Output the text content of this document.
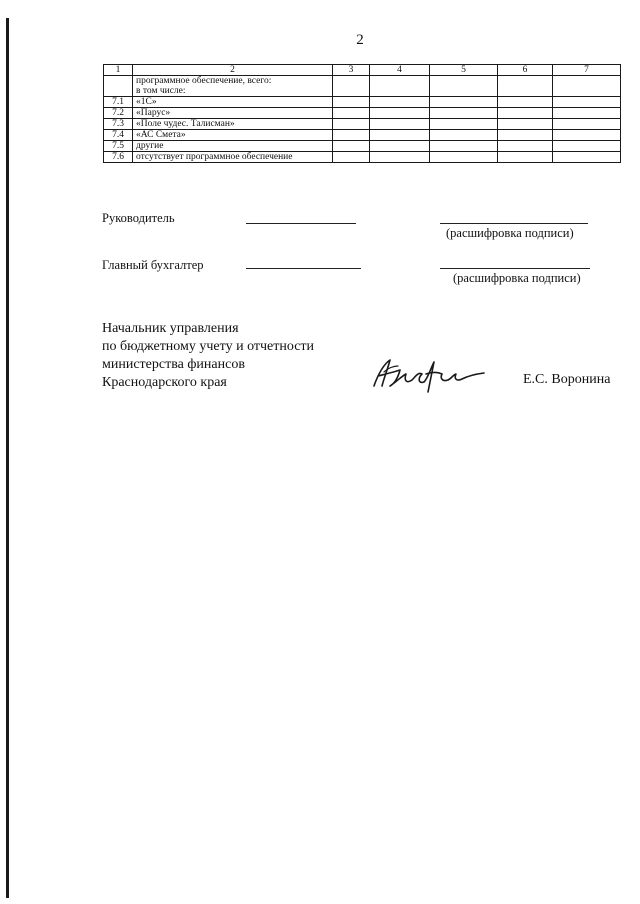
2
1	2	3	4	5	6	7

	программное обеспечение, всего:
в том числе:					

7.1	«1С»					
7.2	«Парус»					
7.3	«Поле чудес. Талисман»					
7.4	«АС Смета»					
7.5	другие					
7.6	отсутствует программное обеспечение					
Руководитель
(расшифровка подписи)
Главный бухгалтер
(расшифровка подписи)
Начальник управления
по бюджетному учету и отчетности
министерства финансов
Краснодарского края	Е.С. Воронина
